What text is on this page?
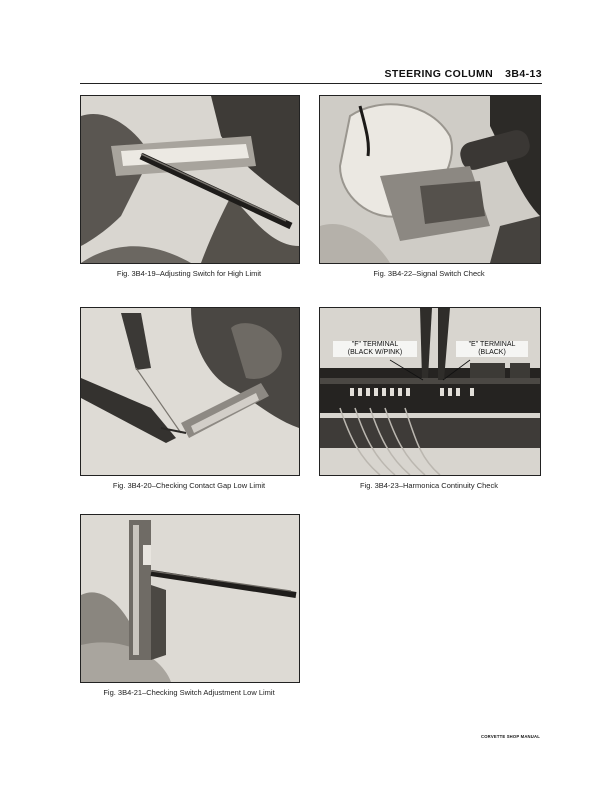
STEERING COLUMN 3B4-13
Fig. 3B4-19–Adjusting Switch for High Limit	Fig. 3B4-22–Signal Switch Check
Fig. 3B4-20–Checking Contact Gap Low Limit
"F" TERMINAL
(BLACK W/PINK)
"E" TERMINAL
(BLACK)
Fig. 3B4-23–Harmonica Continuity Check
Fig. 3B4-21–Checking Switch Adjustment Low Limit
CORVETTE SHOP MANUAL
